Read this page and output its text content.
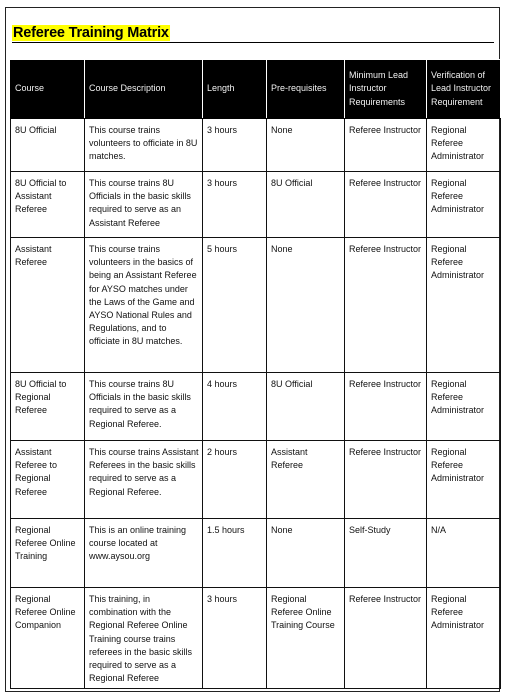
Referee Training Matrix
Course	Course Description	Length	Pre-requisites	Minimum Lead Instructor Requirements	Verification of Lead Instructor Requirement
8U Official	This course trains volunteers to officiate in 8U matches.	3 hours	None	Referee Instructor	Regional Referee Administrator
8U Official to Assistant Referee	This course trains 8U Officials in the basic skills required to serve as an Assistant Referee	3 hours	8U Official	Referee Instructor	Regional Referee Administrator
Assistant Referee	This course trains volunteers in the basics of being an Assistant Referee for AYSO matches under the Laws of the Game and AYSO National Rules and Regulations, and to officiate in 8U matches.	5 hours	None	Referee Instructor	Regional Referee Administrator
8U Official to Regional Referee	This course trains 8U Officials in the basic skills required to serve as a Regional Referee.	4 hours	8U Official	Referee Instructor	Regional Referee Administrator
Assistant Referee to Regional Referee	This course trains Assistant Referees in the basic skills required to serve as a Regional Referee.	2 hours	Assistant Referee	Referee Instructor	Regional Referee Administrator
Regional Referee Online Training	This is an online training course located at www.aysou.org	1.5 hours	None	Self-Study	N/A
Regional Referee Online Companion	This training, in combination with the Regional Referee Online Training course trains referees in the basic skills required to serve as a Regional Referee	3 hours	Regional Referee Online Training Course	Referee Instructor	Regional Referee Administrator
